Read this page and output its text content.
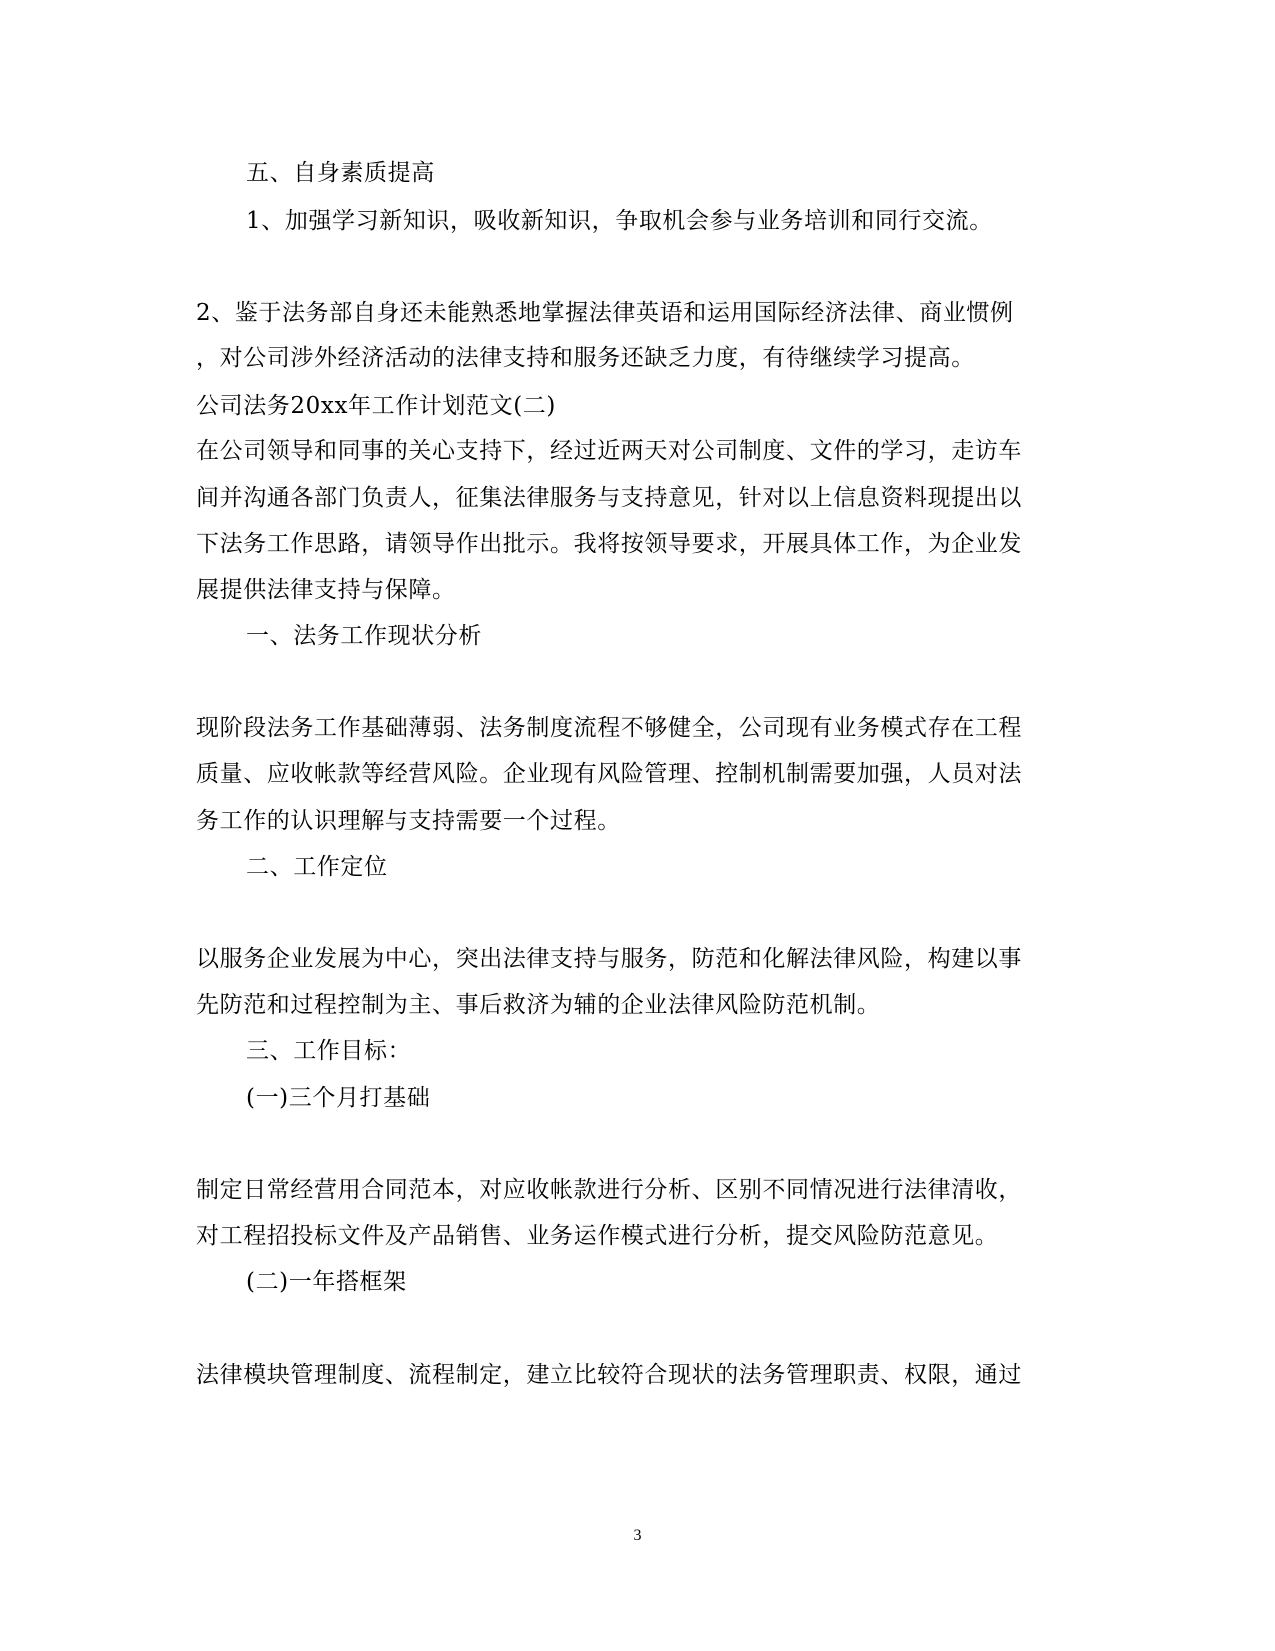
五、自身素质提高

1、加强学习新知识，吸收新知识，争取机会参与业务培训和同行交流。

2、鉴于法务部自身还未能熟悉地掌握法律英语和运用国际经济法律、商业惯例

，对公司涉外经济活动的法律支持和服务还缺乏力度，有待继续学习提高。

公司法务20xx年工作计划范文(二)

在公司领导和同事的关心支持下，经过近两天对公司制度、文件的学习，走访车

间并沟通各部门负责人，征集法律服务与支持意见，针对以上信息资料现提出以

下法务工作思路，请领导作出批示。我将按领导要求，开展具体工作，为企业发

展提供法律支持与保障。

一、法务工作现状分析

现阶段法务工作基础薄弱、法务制度流程不够健全，公司现有业务模式存在工程

质量、应收帐款等经营风险。企业现有风险管理、控制机制需要加强，人员对法

务工作的认识理解与支持需要一个过程。

二、工作定位

以服务企业发展为中心，突出法律支持与服务，防范和化解法律风险，构建以事

先防范和过程控制为主、事后救济为辅的企业法律风险防范机制。

三、工作目标：

(一)三个月打基础

制定日常经营用合同范本，对应收帐款进行分析、区别不同情况进行法律清收，

对工程招投标文件及产品销售、业务运作模式进行分析，提交风险防范意见。

(二)一年搭框架

法律模块管理制度、流程制定，建立比较符合现状的法务管理职责、权限，通过

3
